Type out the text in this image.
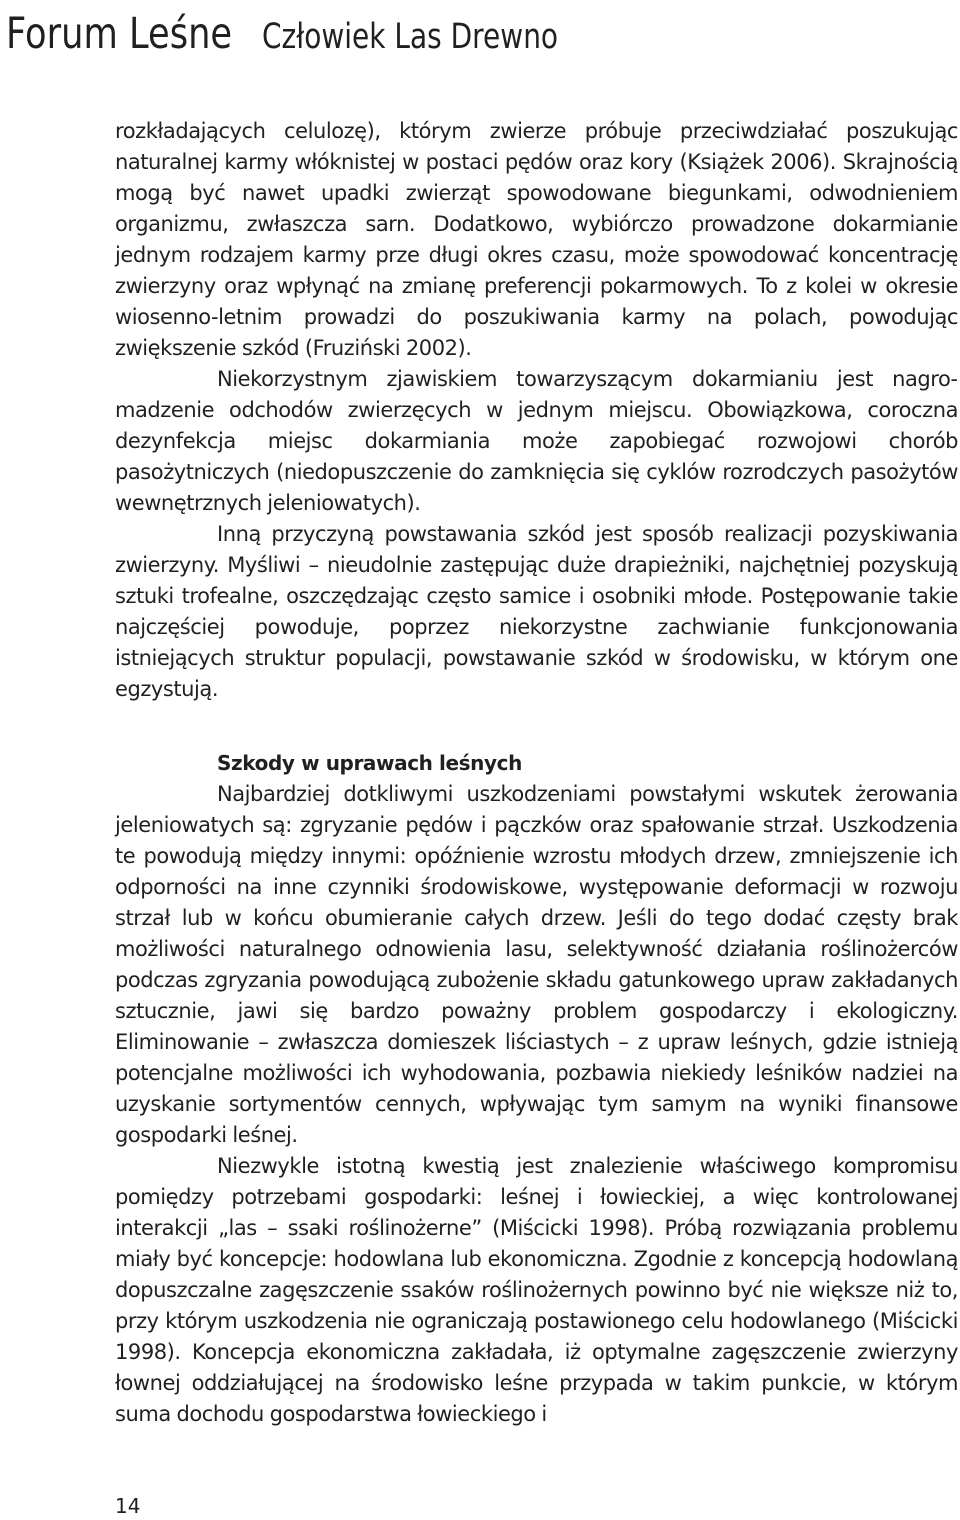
Forum Leśne Człowiek Las Drewno

rozkładających celulozę), którym zwierze próbuje przeciwdziałać poszukując naturalnej karmy włóknistej w postaci pędów oraz kory (Książek 2006). Skrajnością mogą być nawet upadki zwierząt spowodowane biegunkami, odwodnieniem organizmu, zwłaszcza sarn. Dodatkowo, wybiórczo prowadzone dokarmianie jednym rodzajem karmy prze długi okres czasu, może spowodować koncentrację zwierzyny oraz wpłynąć na zmianę preferencji pokarmowych. To z kolei w okresie wiosenno-letnim prowadzi do poszukiwania karmy na polach, powodując zwiększenie szkód (Fruziński 2002).

Niekorzystnym zjawiskiem towarzyszącym dokarmianiu jest nagromadzenie odchodów zwierzęcych w jednym miejscu. Obowiązkowa, coroczna dezynfekcja miejsc dokarmiania może zapobiegać rozwojowi chorób pasożytniczych (niedopuszczenie do zamknięcia się cyklów rozrodczych pasożytów wewnętrznych jeleniowatych).

Inną przyczyną powstawania szkód jest sposób realizacji pozyskiwania zwierzyny. Myśliwi – nieudolnie zastępując duże drapieżniki, najchętniej pozyskują sztuki trofealne, oszczędzając często samice i osobniki młode. Postępowanie takie najczęściej powoduje, poprzez niekorzystne zachwianie funkcjonowania istniejących struktur populacji, powstawanie szkód w środowisku, w którym one egzystują.

Szkody w uprawach leśnych

Najbardziej dotkliwymi uszkodzeniami powstałymi wskutek żerowania jeleniowatych są: zgryzanie pędów i pączków oraz spałowanie strzał. Uszkodzenia te powodują między innymi: opóźnienie wzrostu młodych drzew, zmniejszenie ich odporności na inne czynniki środowiskowe, występowanie deformacji w rozwoju strzał lub w końcu obumieranie całych drzew. Jeśli do tego dodać częsty brak możliwości naturalnego odnowienia lasu, selektywność działania roślinożerców podczas zgryzania powodującą zubożenie składu gatunkowego upraw zakładanych sztucznie, jawi się bardzo poważny problem gospodarczy i ekologiczny. Eliminowanie – zwłaszcza domieszek liściastych – z upraw leśnych, gdzie istnieją potencjalne możliwości ich wyhodowania, pozbawia niekiedy leśników nadziei na uzyskanie sortymentów cennych, wpływając tym samym na wyniki finansowe gospodarki leśnej.

Niezwykle istotną kwestią jest znalezienie właściwego kompromisu pomiędzy potrzebami gospodarki: leśnej i łowieckiej, a więc kontrolowanej interakcji „las – ssaki roślinożerne” (Miścicki 1998). Próbą rozwiązania problemu miały być koncepcje: hodowlana lub ekonomiczna. Zgodnie z koncepcją hodowlaną dopuszczalne zagęszczenie ssaków roślinożernych powinno być nie większe niż to, przy którym uszkodzenia nie ograniczają postawionego celu hodowlanego (Miścicki 1998). Koncepcja ekonomiczna zakładała, iż optymalne zagęszczenie zwierzyny łownej oddziałującej na środowisko leśne przypada w takim punkcie, w którym suma dochodu gospodarstwa łowieckiego i

14
